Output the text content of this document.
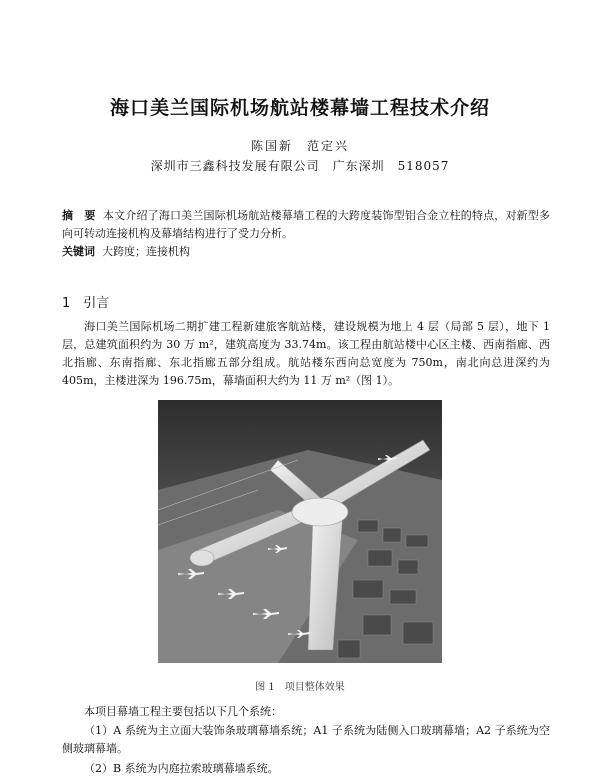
海口美兰国际机场航站楼幕墙工程技术介绍
陈国新　范定兴
深圳市三鑫科技发展有限公司　广东深圳　518057
摘　要 本文介绍了海口美兰国际机场航站楼幕墙工程的大跨度装饰型铝合金立柱的特点，对新型多向可转动连接机构及幕墙结构进行了受力分析。
关键词 大跨度；连接机构
1　引言
海口美兰国际机场二期扩建工程新建旅客航站楼，建设规模为地上 4 层（局部 5 层），地下 1 层，总建筑面积约为 30 万 m²，建筑高度为 33.74m。该工程由航站楼中心区主楼、西南指廊、西北指廊、东南指廊、东北指廊五部分组成。航站楼东西向总宽度为 750m，南北向总进深约为 405m，主楼进深为 196.75m，幕墙面积大约为 11 万 m²（图 1）。
图 1　项目整体效果
本项目幕墙工程主要包括以下几个系统：
（1）A 系统为主立面大装饰条玻璃幕墙系统；A1 子系统为陆侧入口玻璃幕墙；A2 子系统为空侧玻璃幕墙。
（2）B 系统为内庭拉索玻璃幕墙系统。
